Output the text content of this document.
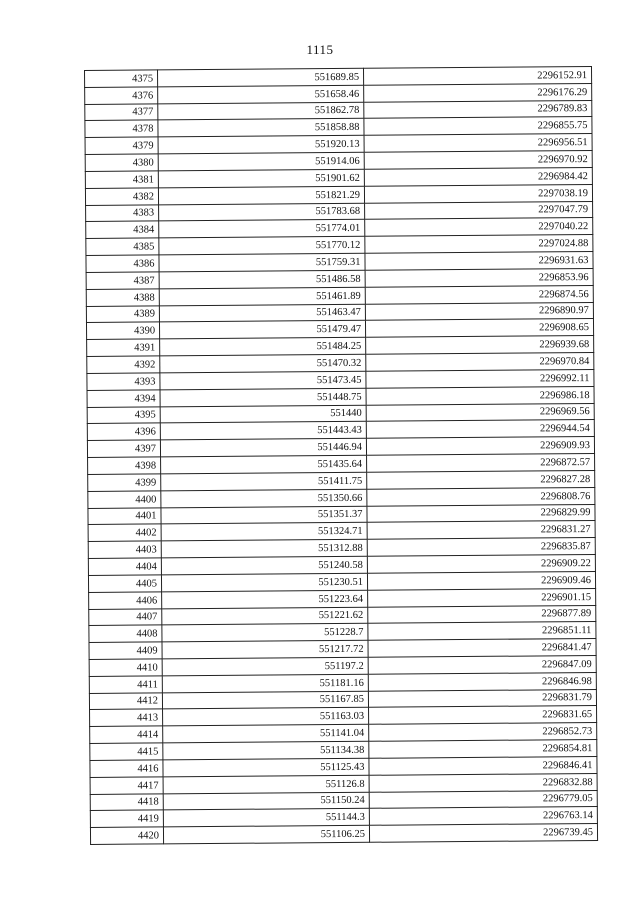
1115
4375	551689.85	2296152.91
4376	551658.46	2296176.29
4377	551862.78	2296789.83
4378	551858.88	2296855.75
4379	551920.13	2296956.51
4380	551914.06	2296970.92
4381	551901.62	2296984.42
4382	551821.29	2297038.19
4383	551783.68	2297047.79
4384	551774.01	2297040.22
4385	551770.12	2297024.88
4386	551759.31	2296931.63
4387	551486.58	2296853.96
4388	551461.89	2296874.56
4389	551463.47	2296890.97
4390	551479.47	2296908.65
4391	551484.25	2296939.68
4392	551470.32	2296970.84
4393	551473.45	2296992.11
4394	551448.75	2296986.18
4395	551440	2296969.56
4396	551443.43	2296944.54
4397	551446.94	2296909.93
4398	551435.64	2296872.57
4399	551411.75	2296827.28
4400	551350.66	2296808.76
4401	551351.37	2296829.99
4402	551324.71	2296831.27
4403	551312.88	2296835.87
4404	551240.58	2296909.22
4405	551230.51	2296909.46
4406	551223.64	2296901.15
4407	551221.62	2296877.89
4408	551228.7	2296851.11
4409	551217.72	2296841.47
4410	551197.2	2296847.09
4411	551181.16	2296846.98
4412	551167.85	2296831.79
4413	551163.03	2296831.65
4414	551141.04	2296852.73
4415	551134.38	2296854.81
4416	551125.43	2296846.41
4417	551126.8	2296832.88
4418	551150.24	2296779.05
4419	551144.3	2296763.14
4420	551106.25	2296739.45
